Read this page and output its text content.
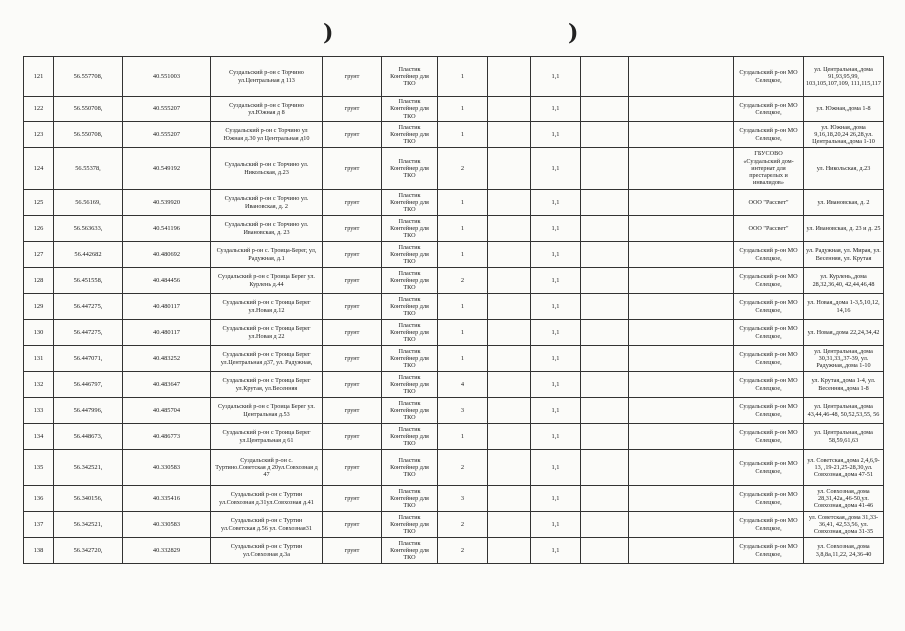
)	)
121	56.557708,	40.551003	Суздальский р-он с Торчино ул.Центральная д 113	грунт	Пластик Контейнер для ТКО	1		1,1			Суздальский р-он МО Селецкое,	ул. Центральная,,дома 91,93,95,99, 103,105,107,109, 111,115,117
122	56.550708,	40.555207	Суздальский р-он с Торчино ул.Южная д 8	грунт	Пластик Контейнер для ТКО	1		1,1			Суздальский р-он МО Селецкое,	ул. Южная,,дома 1-8
123	56.550708,	40.555207	Суздальский р-он с Торчино ул Южная д.30 ул Центральная д10	грунт	Пластик Контейнер для ТКО	1		1,1			Суздальский р-он МО Селецкое,	ул. Южная,,дома 9,16,18,20,24 26,28,ул. Центральная,,дома 1-10
124	56.55378,	40.549192	Суздальский р-он с Торчино ул. Никольская, д.23	грунт	Пластик Контейнер для ТКО	2		1,1			ГБУСОВО «Суздальский дом-интернат для престарелых и инвалидов»	ул. Никольская, д.23
125	56.56169,	40.539920	Суздальский р-он с Торчино ул. Ивановская, д. 2	грунт	Пластик Контейнер для ТКО	1		1,1			ООО "Рассвет"	ул. Ивановская, д. 2
126	56.563633,	40.541196	Суздальский р-он с Торчино ул. Ивановская, д. 23	грунт	Пластик Контейнер для ТКО	1		1,1			ООО "Рассвет"	ул. Ивановская, д. 23 и д. 25
127	56.442682	40.480692	Суздальский р-он с. Троица-Берег, ул, Радужная, д.1	грунт	Пластик Контейнер для ТКО	1		1,1			Суздальский р-он МО Селецкое,	ул. Радужная, ул. Мирая, ул. Весенняя, ул. Крутая
128	56.451558,	40.484456	Суздальский р-он с Троица Берег ул. Курлень д.44	грунт	Пластик Контейнер для ТКО	2		1,1			Суздальский р-он МО Селецкое,	ул. Курлень,,дома 28,32,36,40, 42,44,46,48
129	56.447275,	40.480117	Суздальский р-он с Троица Берег ул.Новая д.12	грунт	Пластик Контейнер для ТКО	1		1,1			Суздальский р-он МО Селецкое,	ул. Новая,,дома 1-3,5,10,12, 14,16
130	56.447275,	40.480117	Суздальский р-он с Троица Берег ул.Новая д 22	грунт	Пластик Контейнер для ТКО	1		1,1			Суздальский р-он МО Селецкое,	ул. Новая,,дома 22,24,34,42
131	56.447071,	40.483252	Суздальский р-он с Троица Берег ул.Центральная д37, ул. Радужная,	грунт	Пластик Контейнер для ТКО	1		1,1			Суздальский р-он МО Селецкое,	ул. Центральная,,дома 30,31,33,,37-39, ул. Радужная,,дома 1-10
132	56.446797,	40.483647	Суздальский р-он с Троица Берег ул.Крутая, ул.Весенняя	грунт	Пластик Контейнер для ТКО	4		1,1			Суздальский р-он МО Селецкое,	ул. Крутая,,дома 1-4, ул. Весенняя,,дома 1-8
133	56.447996,	40.485704	Суздальский р-он с Троица Берег ул. Центральная д.53	грунт	Пластик Контейнер для ТКО	3		1,1			Суздальский р-он МО Селецкое,	ул. Центральная,,дома 43,44,46-48, 50,52,53,55, 56
134	56.448673,	40.486773	Суздальский р-он с Троица Берег ул.Центральная д 61	грунт	Пластик Контейнер для ТКО	1		1,1			Суздальский р-он МО Селецкое,	ул. Центральная,,дома 58,59,61,63
135	56.342521,	40.330583	Суздальский р-он с. Туртино.Советская д 20ул.Совхозная д 47	грунт	Пластик Контейнер для ТКО	2		1,1			Суздальский р-он МО Селецкое,	ул. Советская,,дома 2,4,6,9-13, ,19-21,25-28,30,ул. Совхозная,,дома 47-51
136	56.340156,	40.335416	Суздальский р-он с Туртин ул.Совхозная д.31ул.Совхозная д.41	грунт	Пластик Контейнер для ТКО	3		1,1			Суздальский р-он МО Селецкое,	ул. Совхозная,,дома 28,31,42а,,46-50,ул. Совхозная,,дома 41-46
137	56.342521,	40.330583	Суздальский р-он с Туртин ул.Советская д.56 ул. Совхозная31	грунт	Пластик Контейнер для ТКО	2		1,1			Суздальский р-он МО Селецкое,	ул. Советская,,дома 31,33-36,41, 42,53,56, ул. Совхозная,,дома 31-35
138	56.342720,	40.332829	Суздальский р-он с Туртин ул.Совхозная д.3а	грунт	Пластик Контейнер для ТКО	2		1,1			Суздальский р-он МО Селецкое,	ул. Совхозная,,дома 3,8,8а,11,22, 24,36-40
